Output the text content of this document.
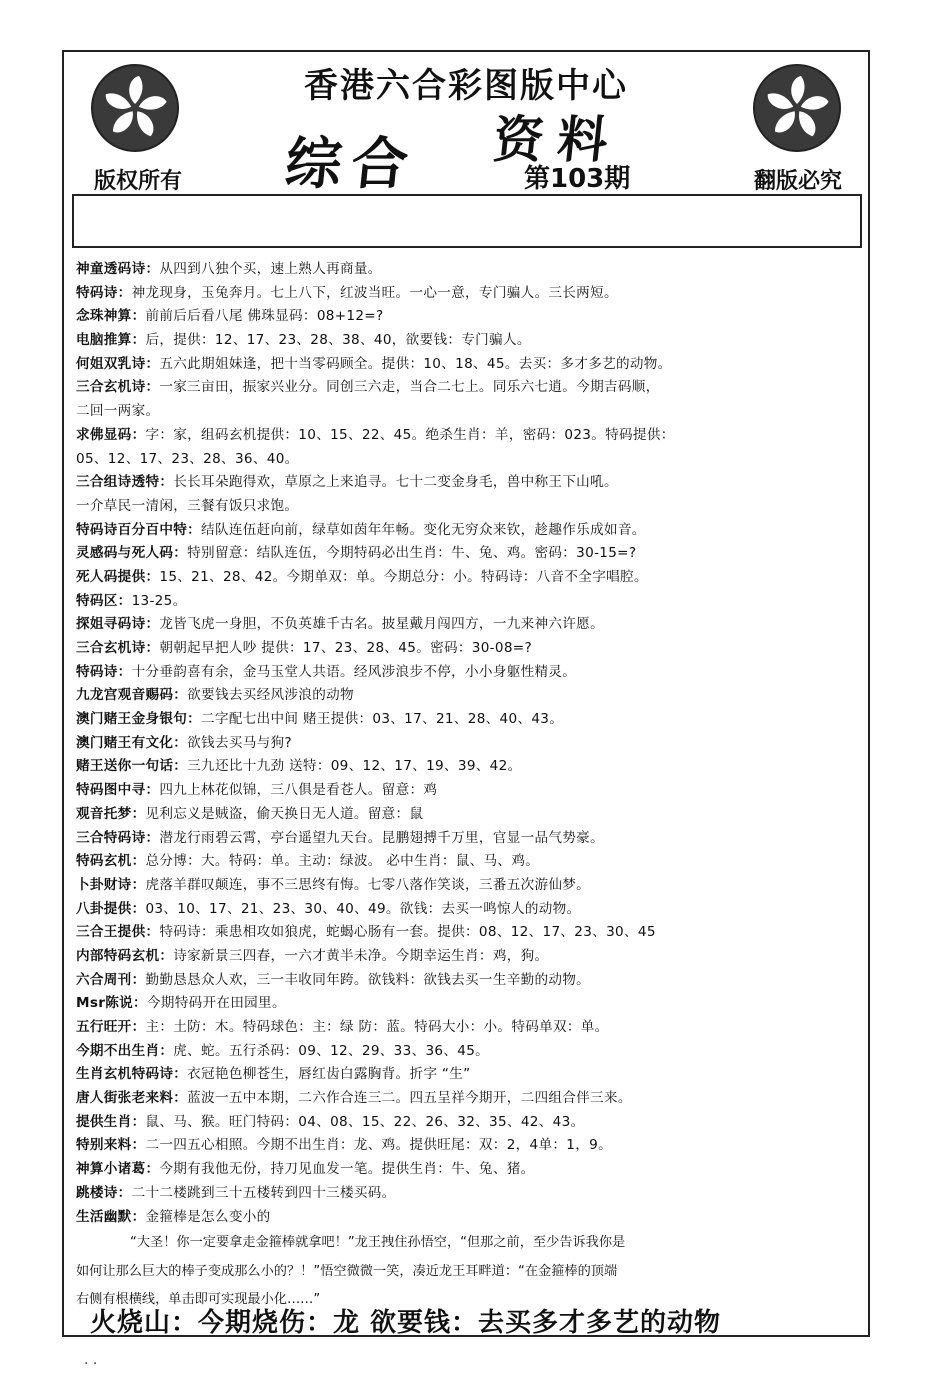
香港六合彩图版中心
综合 资料
第103期
版权所有	翻版必究
神童透码诗：从四到八独个买，速上熟人再商量。
特码诗：神龙现身，玉兔奔月。七上八下，红波当旺。一心一意，专门骗人。三长两短。
念珠神算：前前后后看八尾 佛珠显码：08+12=?
电脑推算：后，提供：12、17、23、28、38、40，欲要钱：专门骗人。
何姐双乳诗：五六此期姐妹逢，把十当零码顾全。提供：10、18、45。去买：多才多艺的动物。
三合玄机诗：一家三亩田，振家兴业分。同创三六走，当合二七上。同乐六七逍。今期吉码顺，
二回一两家。
求佛显码：字：家，组码玄机提供：10、15、22、45。绝杀生肖：羊，密码：023。特码提供：
05、12、17、23、28、36、40。
三合组诗透特：长长耳朵跑得欢，草原之上来追寻。七十二变金身毛，兽中称王下山吼。
一介草民一清闲，三餐有饭只求饱。
特码诗百分百中特：结队连伍赶向前，绿草如茵年年畅。变化无穷众来钦，趁趣作乐成如音。
灵感码与死人码：特别留意：结队连伍，今期特码必出生肖：牛、兔、鸡。密码：30-15=?
死人码提供：15、21、28、42。今期单双：单。今期总分：小。特码诗：八音不全字唱腔。
特码区：13-25。
探姐寻码诗：龙皆飞虎一身胆，不负英雄千古名。披星戴月闯四方，一九来神六许愿。
三合玄机诗：朝朝起早把人吵 提供：17、23、28、45。密码：30-08=?
特码诗：十分垂韵喜有余，金马玉堂人共语。经风涉浪步不停，小小身躯性精灵。
九龙宫观音赐码：欲要钱去买经风涉浪的动物
澳门赌王金身银句：二字配七出中间 赌王提供：03、17、21、28、40、43。
澳门赌王有文化：欲钱去买马与狗?
赌王送你一句话：三九还比十九劲 送特：09、12、17、19、39、42。
特码图中寻：四九上林花似锦，三八俱是看苍人。留意：鸡
观音托梦：见利忘义是贼盗，偷天换日无人道。留意：鼠
三合特码诗：潜龙行雨碧云霄，亭台遥望九天台。昆鹏翅搏千万里，官显一品气势豪。
特码玄机：总分博：大。特码：单。主动：绿波。 必中生肖：鼠、马、鸡。
卜卦财诗：虎落羊群叹颠连，事不三思终有悔。七零八落作笑谈，三番五次游仙梦。
八卦提供：03、10、17、21、23、30、40、49。欲钱：去买一鸣惊人的动物。
三合王提供：特码诗：乘患相攻如狼虎，蛇蝎心肠有一套。提供：08、12、17、23、30、45
内部特码玄机：诗家新景三四春，一六才黄半未净。今期幸运生肖：鸡，狗。
六合周刊：勤勤恳恳众人欢，三一丰收同年跨。欲钱料：欲钱去买一生辛勤的动物。
Msr陈说：今期特码开在田园里。
五行旺开：主：土防：木。特码球色：主：绿 防：蓝。特码大小：小。特码单双：单。
今期不出生肖：虎、蛇。五行杀码：09、12、29、33、36、45。
生肖玄机特码诗：衣冠艳色柳苍生，唇红齿白露胸背。折字 “生”
唐人街张老来料：蓝波一五中本期，二六作合连三二。四五呈祥今期开，二四组合伴三来。
提供生肖：鼠、马、猴。旺门特码：04、08、15、22、26、32、35、42、43。
特别来料：二一四五心相照。今期不出生肖：龙、鸡。提供旺尾：双：2，4单：1，9。
神算小诸葛：今期有我他无份，持刀见血发一笔。提供生肖：牛、兔、猪。
跳楼诗：二十二楼跳到三十五楼转到四十三楼买码。
生活幽默：金箍棒是怎么变小的
“大圣！你一定要拿走金箍棒就拿吧！”龙王拽住孙悟空，“但那之前，至少告诉我你是
如何让那么巨大的棒子变成那么小的？！”悟空微微一笑，凑近龙王耳畔道：“在金箍棒的顶端
右侧有根横线，单击即可实现最小化……”
火烧山：今期烧伤：龙 欲要钱：去买多才多艺的动物
. .
